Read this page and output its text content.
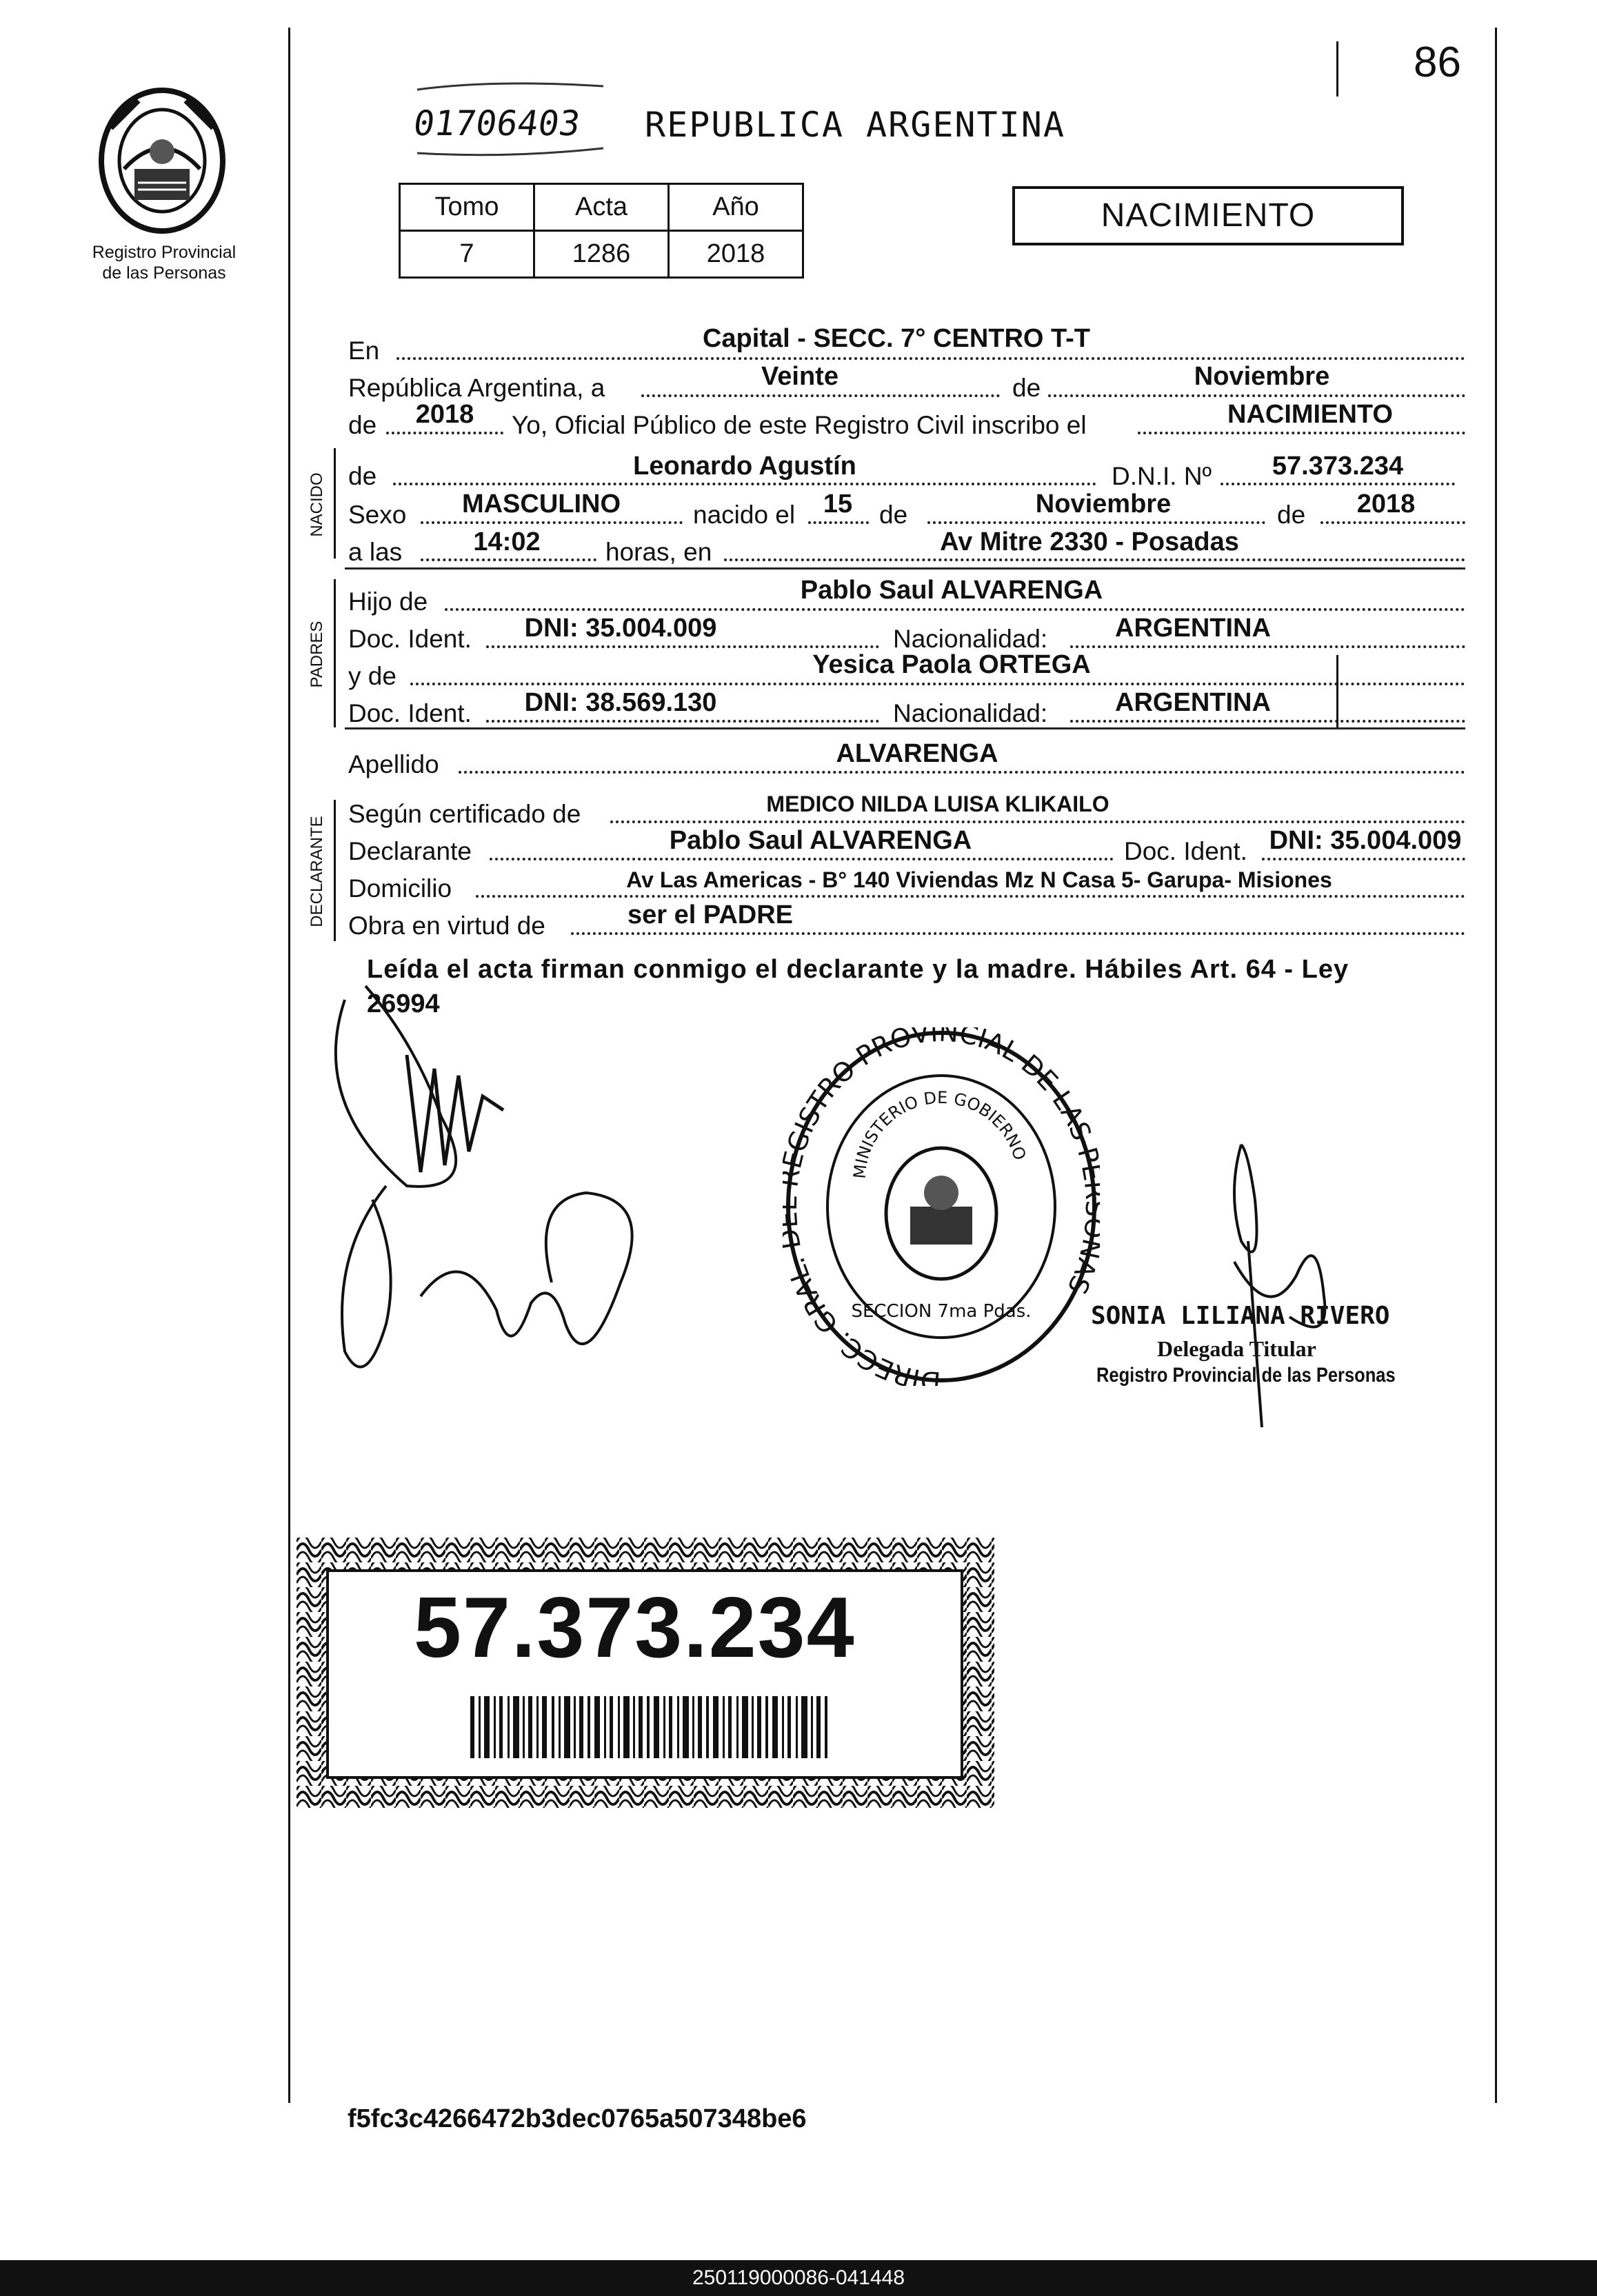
86
Registro Provincial
de las Personas
01706403 REPUBLICA ARGENTINA
Tomo	Acta	Año
7	1286	2018
NACIMIENTO
En	Capital - SECC. 7° CENTRO T-T
República Argentina, a	Veinte	de	Noviembre
de	2018	Yo, Oficial Público de este Registro Civil inscribo el	NACIMIENTO
NACIDO de	Leonardo Agustín	D.N.I. Nº	57.373.234
Sexo	MASCULINO	nacido el	15	de	Noviembre	de	2018
a las	14:02	horas, en	Av Mitre 2330 - Posadas
PADRES
Hijo de	Pablo Saul ALVARENGA
Doc. Ident.	DNI: 35.004.009	Nacionalidad:	ARGENTINA
y de	Yesica Paola ORTEGA
Doc. Ident.	DNI: 38.569.130	Nacionalidad:	ARGENTINA
Apellido	ALVARENGA
DECLARANTE
Según certificado de	MEDICO NILDA LUISA KLIKAILO
Declarante	Pablo Saul ALVARENGA	Doc. Ident. DNI: 35.004.009
Domicilio	Av Las Americas - B° 140 Viviendas Mz N Casa 5- Garupa- Misiones
Obra en virtud de	ser el PADRE
Leída el acta firman conmigo el declarante y la madre. Hábiles Art. 64 - Ley
26994
DIRECC. GRAL. GISTRO PROVINCIAL DE LAS AS
MINISTERIO DE GOBIERNO
SECCION 7ma Pdas. SONIA LILIANA RIVERO
Delegada Titular
Registro Provincial de las Personas
57.373.234
f5fc3c4266472b3dec0765a507348be6
250119000086-041448
